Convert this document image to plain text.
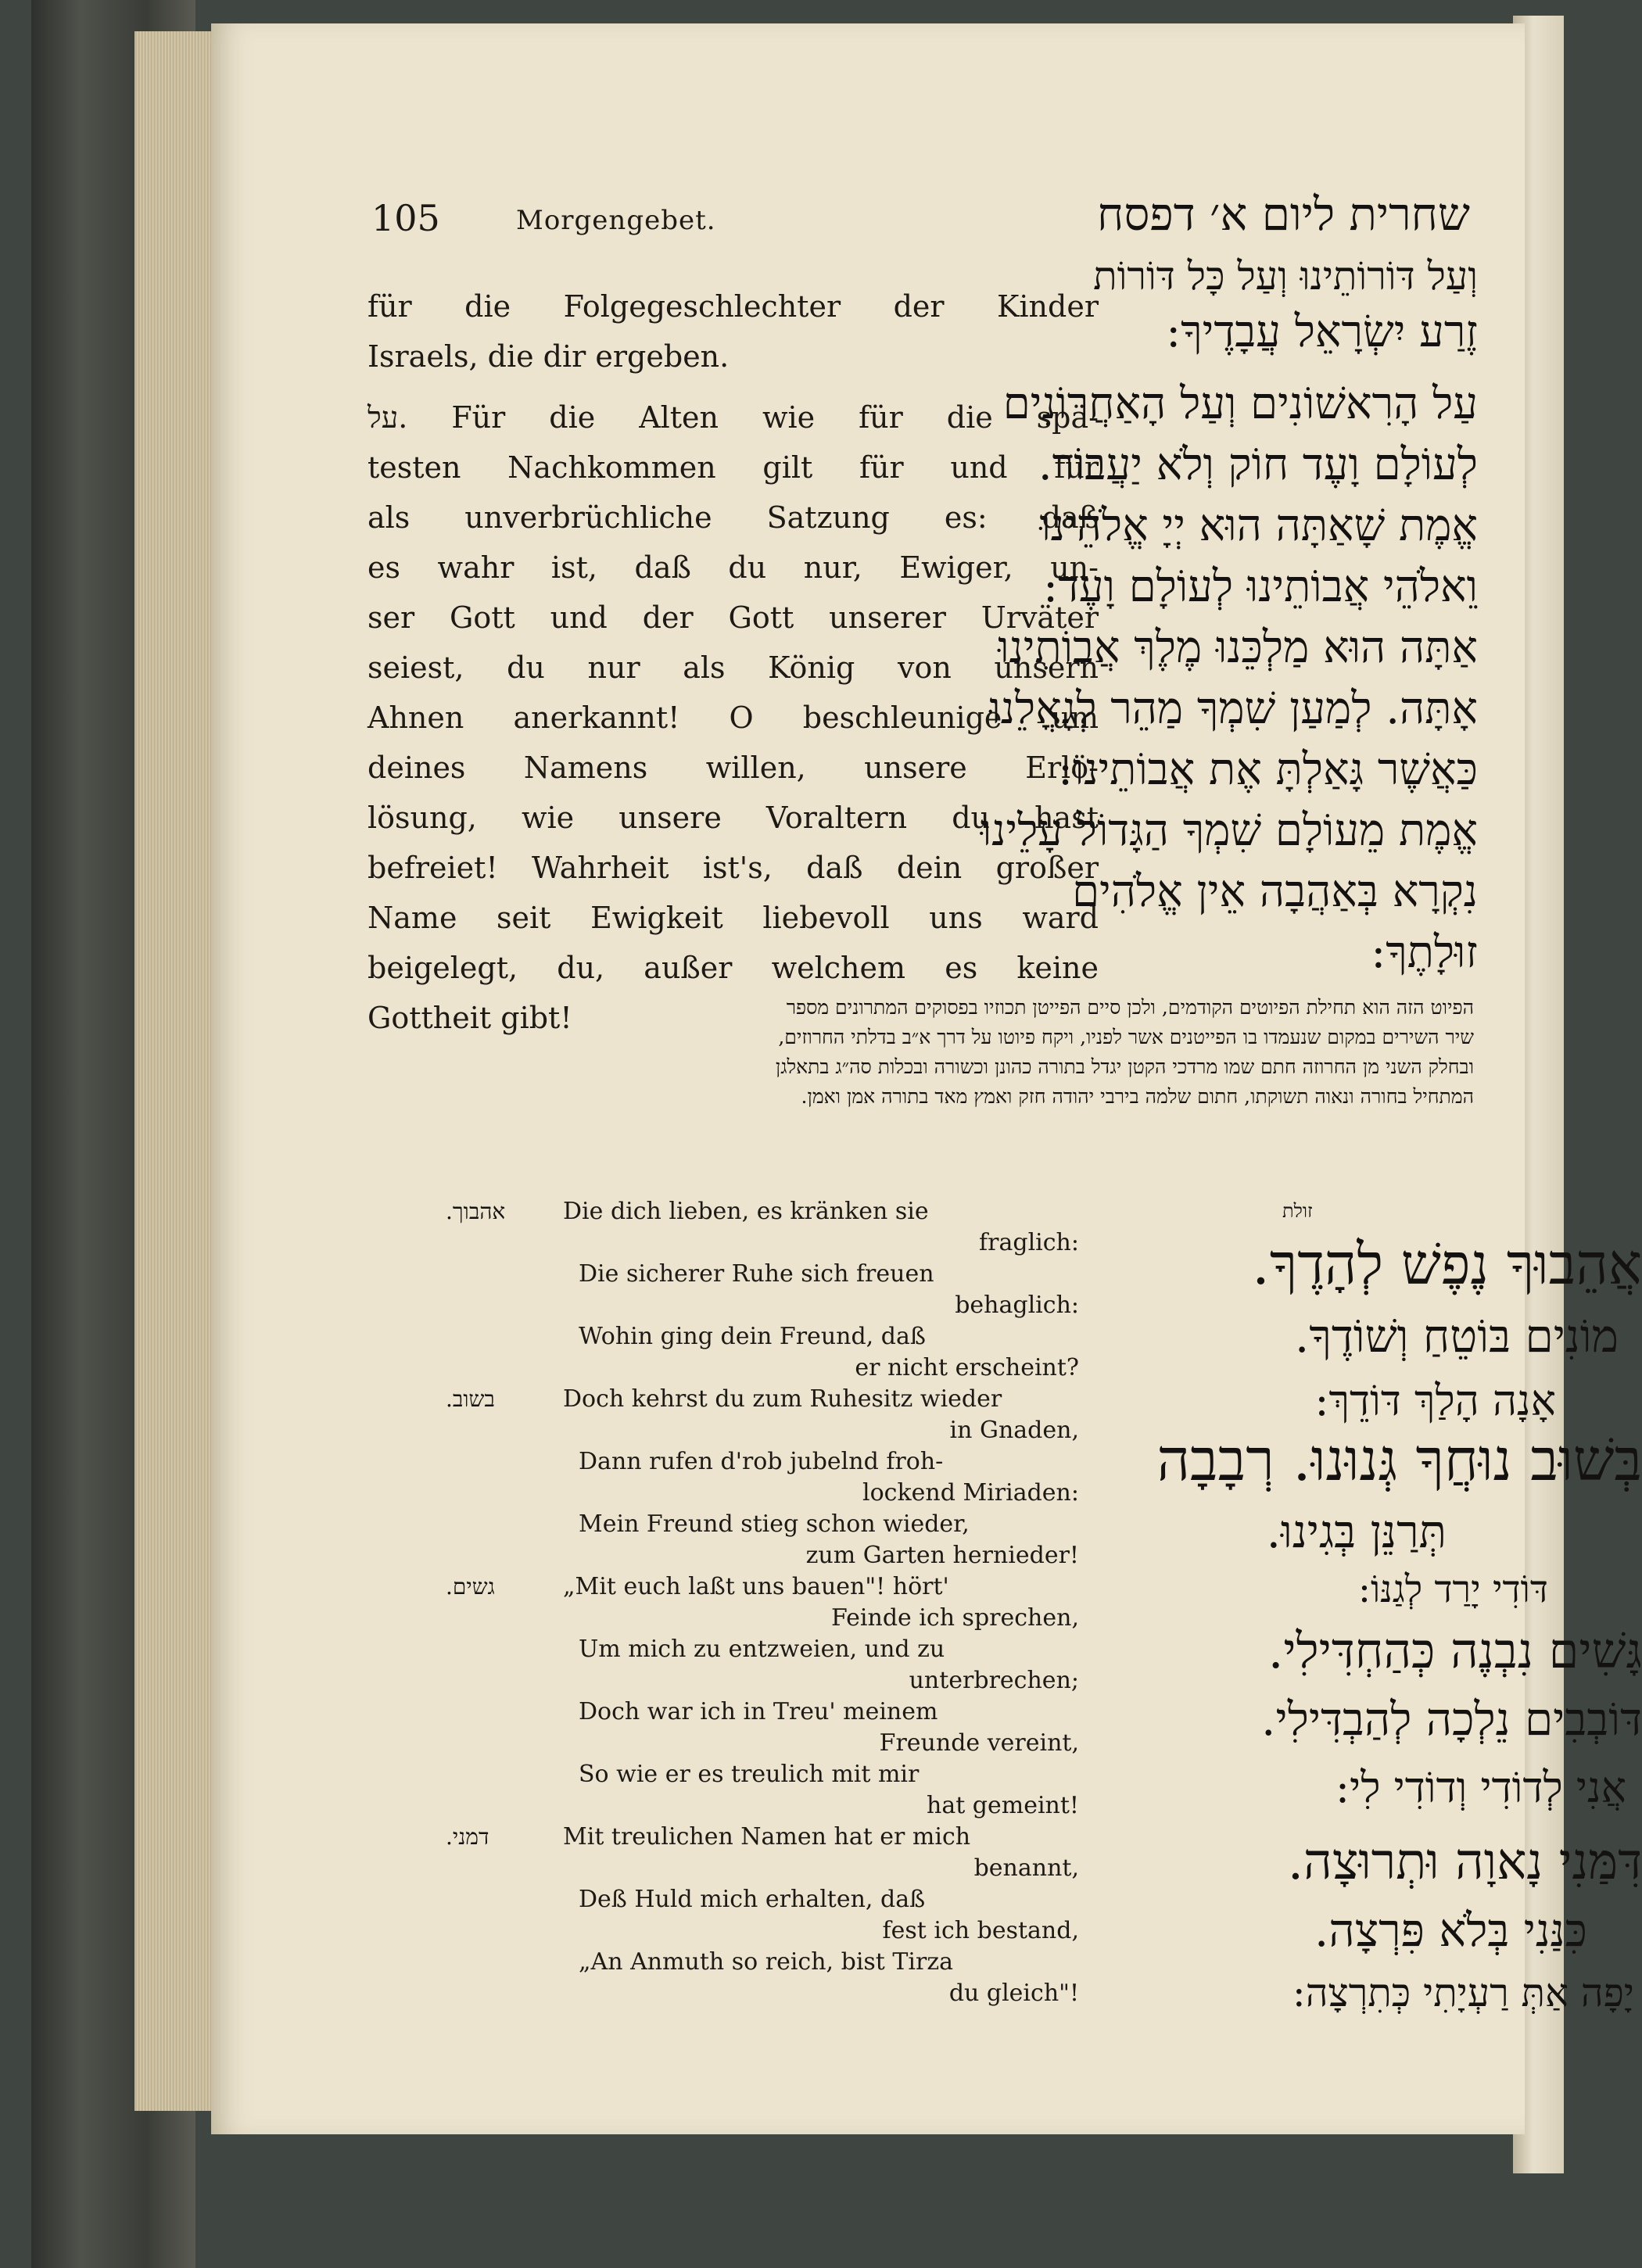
105	Morgengebet.	שחרית ליום א׳ דפסח
für die Folgegeschlechter der Kinder
Israels, die dir ergeben.
על. Für die Alten wie für die spä-
testen Nachkommen gilt für und für
als unverbrüchliche Satzung es: daß
es wahr ist, daß du nur, Ewiger, un-
ser Gott und der Gott unserer Urväter
seiest, du nur als König von unsern
Ahnen anerkannt! O beschleunige um
deines Namens willen, unsere Erlö-
lösung, wie unsere Voraltern du hast
befreiet! Wahrheit ist's, daß dein großer
Name seit Ewigkeit liebevoll uns ward
beigelegt, du, außer welchem es keine
Gottheit gibt!
וְעַל דּוֹרוֹתֵינוּ וְעַל כָּל דּוֹרוֹת
זֶרַע יִשְׂרָאֵל עֲבָדֶיךָ:
עַל הָרִאשׁוֹנִים וְעַל הָאַחֲרוֹנִים
לְעוֹלָם וָעֶד חוֹק וְלֹא יַעֲבוֹר.
אֱמֶת שָׁאַתָּה הוּא יְיָ אֱלֹהֵינוּ
וֵאלֹהֵי אֲבוֹתֵינוּ לְעוֹלָם וָעֶד:
אַתָּה הוּא מַלְכֵּנוּ מֶלֶךְ אֲבוֹתֵינוּ
אָתָּה. לְמַעַן שִׁמְךָ מַהֵר לְגָאֳלֵנוּ
כַּאֲשֶׁר גָּאַלְתָּ אֶת אֲבוֹתֵינוּ:
אֱמֶת מֵעוֹלָם שִׁמְךָ הַגָּדוֹל עָלֵינוּ
נִקְרָא בְּאַהֲבָה אֵין אֱלֹהִים
זוּלָתֶךָ:
הפיוט הזה הוא תחילת הפיוטים הקודמים, ולכן סיים הפייטן תכוזיו בפסוקים המתרונים מספר
שיר השירים במקום שנעמדו בו הפייטנים אשר לפניו, ויקח פיוטו על דרך א״ב בדלתי החרוזים,
ובחלק השני מן החרוזה חתם שמו מרדכי הקטן יגדל בתורה כהונן וכשורה ובכלות סה״ג בתאלגן
המתחיל בחורה ונאוה תשוקתו, חתום שלמה בירבי יהודה חזק ואמץ מאד בתורה אמן ואמן.
אהבוך. Die dich lieben, es kränken sie
fraglich:
Die sicherer Ruhe sich freuen
behaglich:
Wohin ging dein Freund, daß
er nicht erscheint?
בשוב.	Doch kehrst du zum Ruhesitz wieder
in Gnaden,
Dann rufen d'rob jubelnd froh-
lockend Miriaden:
Mein Freund stieg schon wieder,
zum Garten hernieder!
גשים.	„Mit euch laßt uns bauen"! hört'
Feinde ich sprechen,
Um mich zu entzweien, und zu
unterbrechen;
Doch war ich in Treu' meinem
Freunde vereint,
So wie er es treulich mit mir
hat gemeint!
דמני.	Mit treulichen Namen hat er mich
benannt,
Deß Huld mich erhalten, daß
fest ich bestand,
„An Anmuth so reich, bist Tirza
du gleich"!
זולת
אֲהֵבוּךָ נֶפֶשׁ לְהָדֶךָ.
מוֹנִים בּוֹטֵחַ וְשׁוֹדֶךָ.
אָנָה הָלַךְ דּוֹדֵךְ:
בְּשׁוּב נוּחֲךָ גְּנוּנוּ. רְבָבָה
תְּרַנֵּן בְּגִינוּ.
דּוֹדִי יָרַד לְגַנּוֹ:
גָּשִׁים נִבְנֶה כְּהַחְדִּילִי.
דּוֹבְבִים נֵלְכָה לְהַבְדִּילִי.
אֲנִי לְדוֹדִי וְדוֹדִי לִי:
דִּמַּנִי נָאוָה וּתְרוּצָה.
כִּנַּנִי בְּלֹא פִּרְצָה.
יָפָה אַתְּ רַעְיָתִי כְּתִרְצָה:
